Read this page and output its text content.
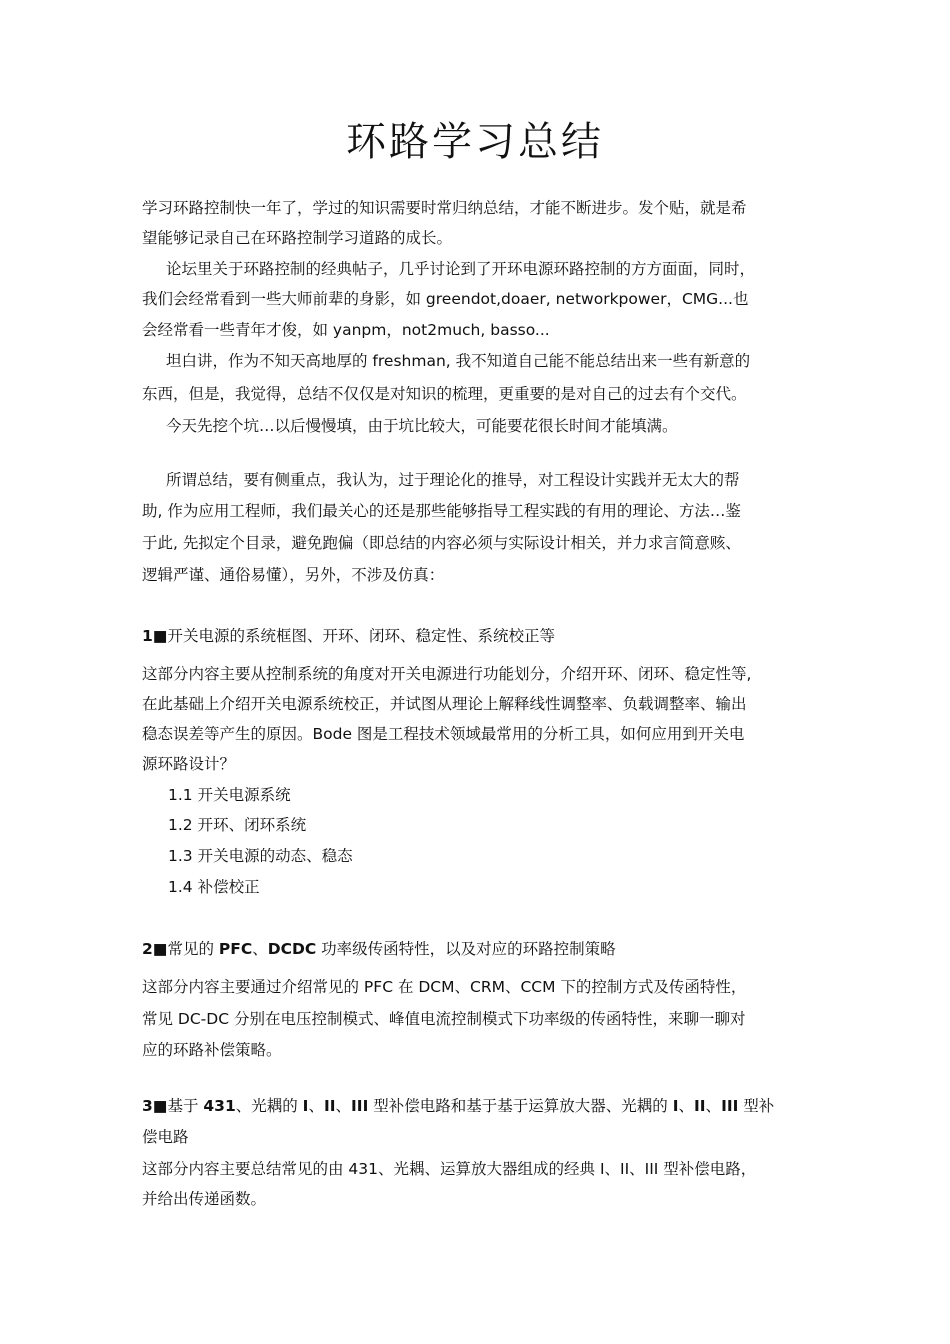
环路学习总结
学习环路控制快一年了，学过的知识需要时常归纳总结，才能不断进步。发个贴，就是希
望能够记录自己在环路控制学习道路的成长。
论坛里关于环路控制的经典帖子，几乎讨论到了开环电源环路控制的方方面面，同时，
我们会经常看到一些大师前辈的身影，如 greendot,doaer, networkpower，CMG...也
会经常看一些青年才俊，如 yanpm，not2much, basso...
坦白讲，作为不知天高地厚的 freshman, 我不知道自己能不能总结出来一些有新意的
东西，但是，我觉得，总结不仅仅是对知识的梳理，更重要的是对自己的过去有个交代。
今天先挖个坑…以后慢慢填，由于坑比较大，可能要花很长时间才能填满。
所谓总结，要有侧重点，我认为，过于理论化的推导，对工程设计实践并无太大的帮
助, 作为应用工程师，我们最关心的还是那些能够指导工程实践的有用的理论、方法…鉴
于此, 先拟定个目录，避免跑偏（即总结的内容必须与实际设计相关，并力求言简意赅、
逻辑严谨、通俗易懂），另外，不涉及仿真：
1■开关电源的系统框图、开环、闭环、稳定性、系统校正等
这部分内容主要从控制系统的角度对开关电源进行功能划分，介绍开环、闭环、稳定性等,
在此基础上介绍开关电源系统校正，并试图从理论上解释线性调整率、负载调整率、输出
稳态误差等产生的原因。Bode 图是工程技术领域最常用的分析工具，如何应用到开关电
源环路设计？
1.1 开关电源系统
1.2 开环、闭环系统
1.3 开关电源的动态、稳态
1.4 补偿校正
2■常见的 PFC、DCDC 功率级传函特性，以及对应的环路控制策略
这部分内容主要通过介绍常见的 PFC 在 DCM、CRM、CCM 下的控制方式及传函特性，
常见 DC-DC 分别在电压控制模式、峰值电流控制模式下功率级的传函特性，来聊一聊对
应的环路补偿策略。
3■基于 431、光耦的 I、II、III 型补偿电路和基于基于运算放大器、光耦的 I、II、III 型补
偿电路
这部分内容主要总结常见的由 431、光耦、运算放大器组成的经典 I、II、III 型补偿电路，
并给出传递函数。
